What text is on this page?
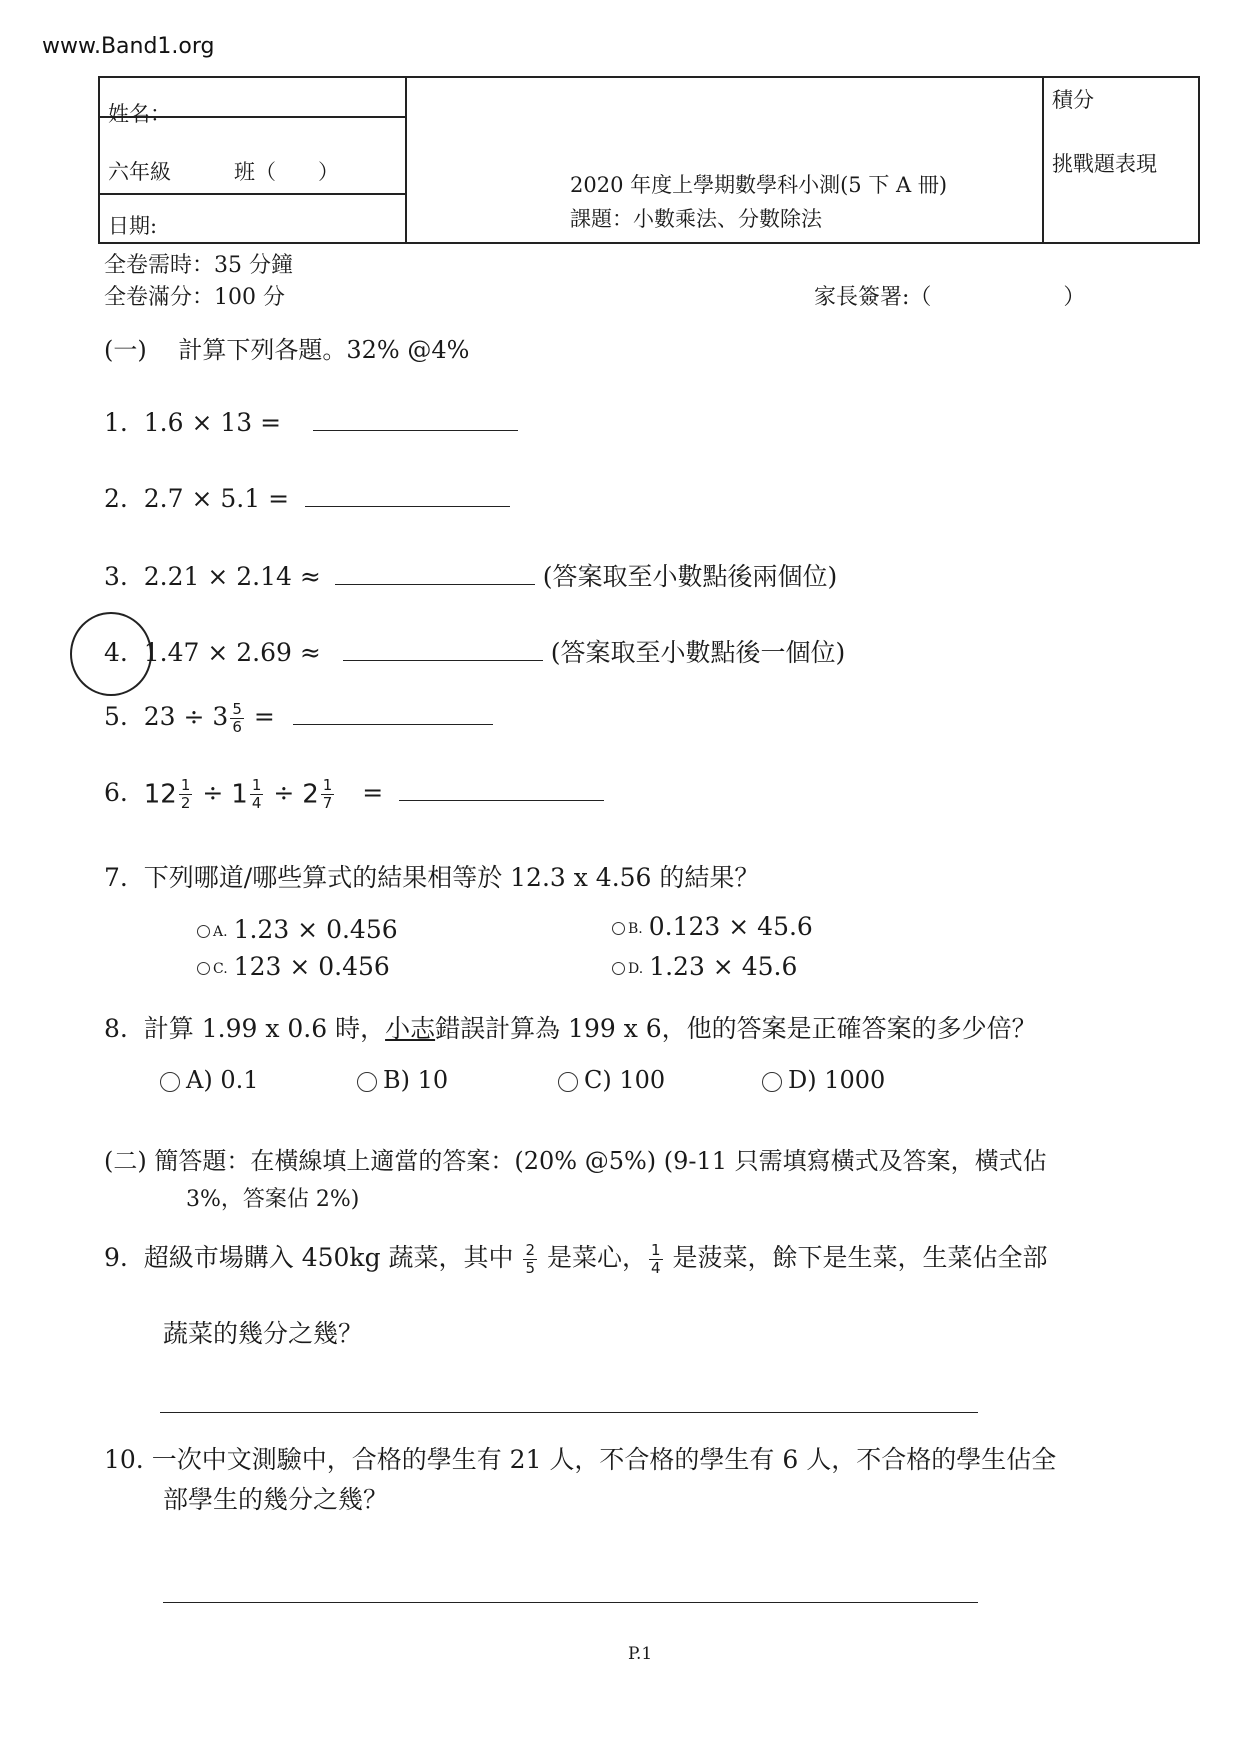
www.Band1.org
姓名：
六年級　　　班（　　）
日期:
2020 年度上學期數學科小測(5 下 A 冊)
課題：小數乘法、分數除法
積分
挑戰題表現
全卷需時：35 分鐘
全卷滿分：100 分	家長簽署:（　　　　　　）
(一)　 計算下列各題。32% @4%
1. 1.6 × 13 =
2. 2.7 × 5.1 =
3. 2.21 × 2.14 ≈	(答案取至小數點後兩個位)
4. 1.47 × 2.69 ≈	(答案取至小數點後一個位)
5. $23 \div 3 \frac{5}{6}$ =
6. $12 \frac{1}{2} \div 1 \frac{1}{4} \div 2 \frac{1}{7}$ =
7. 下列哪道/哪些算式的結果相等於 12.3 x 4.56 的結果？
A. 1.23 × 0.456	B. 0.123 × 45.6
C. 123 × 0.456	D. 1.23 × 45.6
8. 計算 1.99 x 0.6 時，小志錯誤計算為 199 x 6，他的答案是正確答案的多少倍？
A) 0.1	B) 10	C) 100	D) 1000
(二) 簡答題：在橫線填上適當的答案：(20% @5%) (9-11 只需填寫橫式及答案，橫式佔
3%，答案佔 2%)
9. 超級市場購入 450kg 蔬菜，其中 $\frac{2}{5}$ 是菜心， $\frac{1}{4}$ 是菠菜，餘下是生菜，生菜佔全部
蔬菜的幾分之幾？
10. 一次中文測驗中，合格的學生有 21 人，不合格的學生有 6 人，不合格的學生佔全
部學生的幾分之幾？
P.1
